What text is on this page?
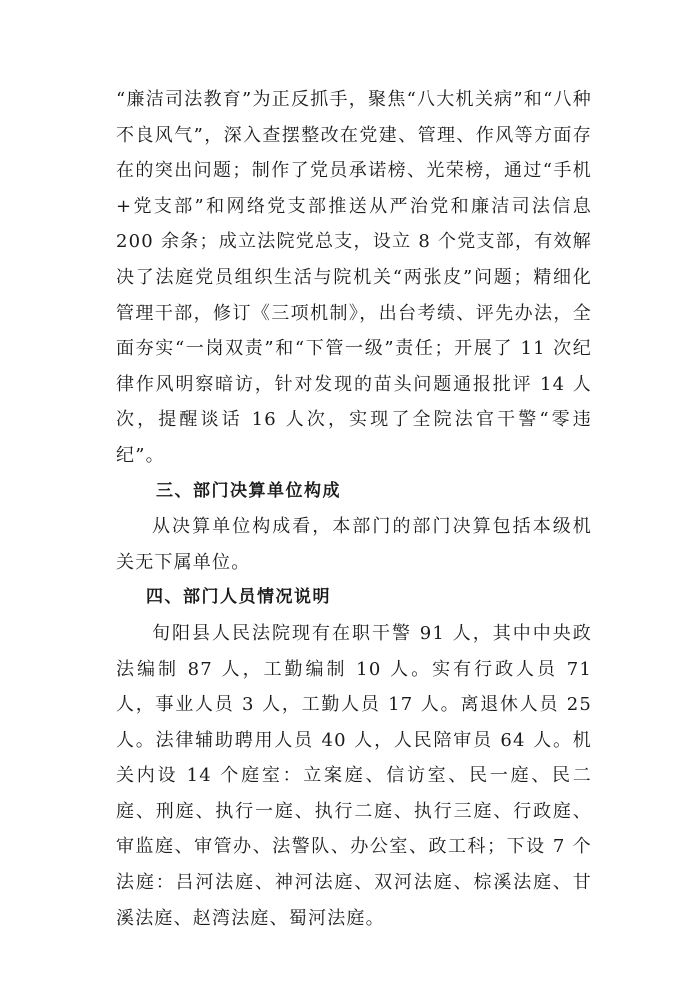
“廉洁司法教育”为正反抓手，聚焦“八大机关病”和“八种不良风气”，深入查摆整改在党建、管理、作风等方面存在的突出问题；制作了党员承诺榜、光荣榜，通过“手机+党支部”和网络党支部推送从严治党和廉洁司法信息 200 余条；成立法院党总支，设立 8 个党支部，有效解决了法庭党员组织生活与院机关“两张皮”问题；精细化管理干部，修订《三项机制》，出台考绩、评先办法，全面夯实“一岗双责”和“下管一级”责任；开展了 11 次纪律作风明察暗访，针对发现的苗头问题通报批评 14 人次，提醒谈话 16 人次，实现了全院法官干警“零违纪”。

三、部门决算单位构成

从决算单位构成看，本部门的部门决算包括本级机关无下属单位。

四、部门人员情况说明

旬阳县人民法院现有在职干警 91 人，其中中央政法编制 87 人，工勤编制 10 人。实有行政人员 71 人，事业人员 3 人，工勤人员 17 人。离退休人员 25 人。法律辅助聘用人员 40 人，人民陪审员 64 人。机关内设 14 个庭室：立案庭、信访室、民一庭、民二庭、刑庭、执行一庭、执行二庭、执行三庭、行政庭、审监庭、审管办、法警队、办公室、政工科；下设 7 个法庭：吕河法庭、神河法庭、双河法庭、棕溪法庭、甘溪法庭、赵湾法庭、蜀河法庭。
